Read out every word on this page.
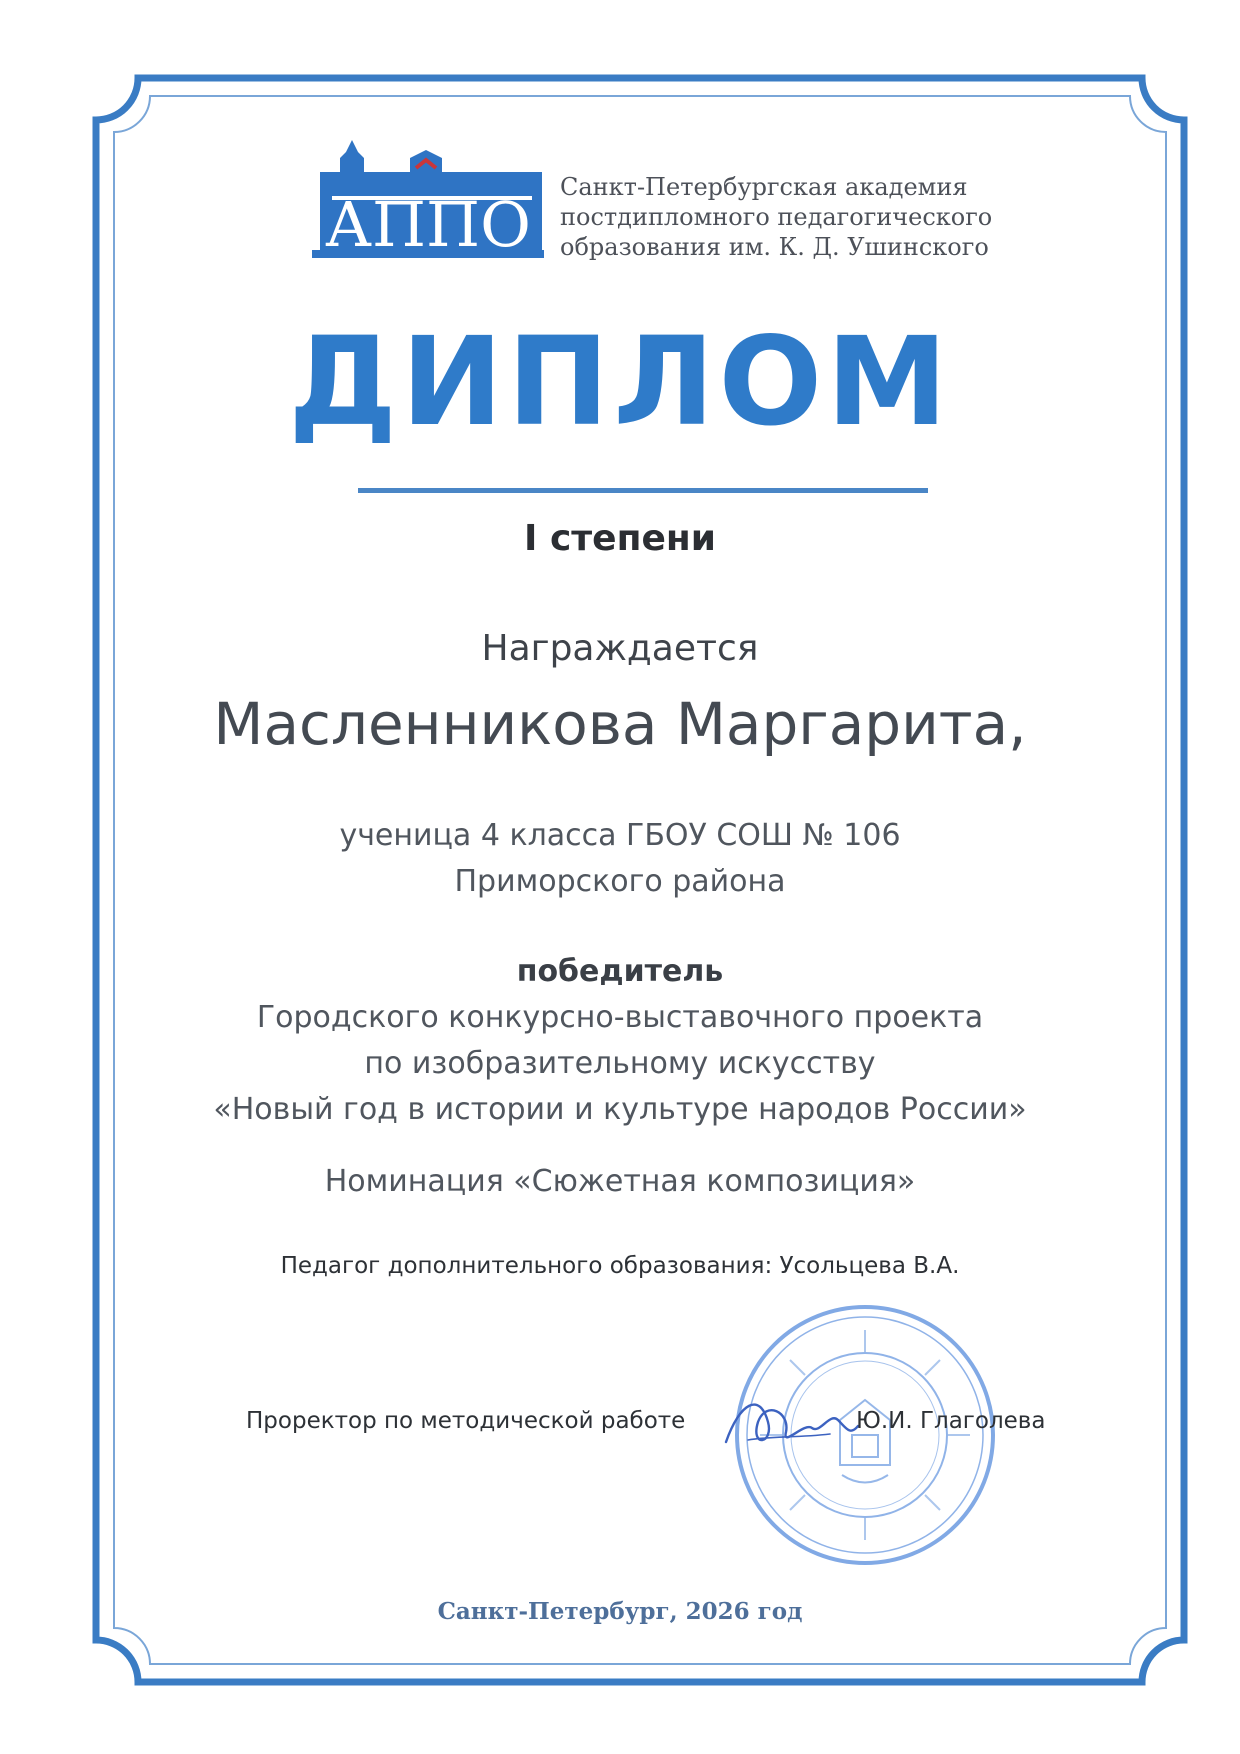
АППО
Санкт-Петербургская академия
постдипломного педагогического
образования им. К. Д. Ушинского
ДИПЛОМ
I степени
Награждается
Масленникова Маргарита,
ученица 4 класса ГБОУ СОШ № 106
Приморского района
победитель
Городского конкурсно-выставочного проекта
по изобразительному искусству
«Новый год в истории и культуре народов России»
Номинация «Сюжетная композиция»
Педагог дополнительного образования: Усольцева В.А.
Проректор по методической работе	Ю.И. Глаголева
Санкт-Петербург, 2026 год
